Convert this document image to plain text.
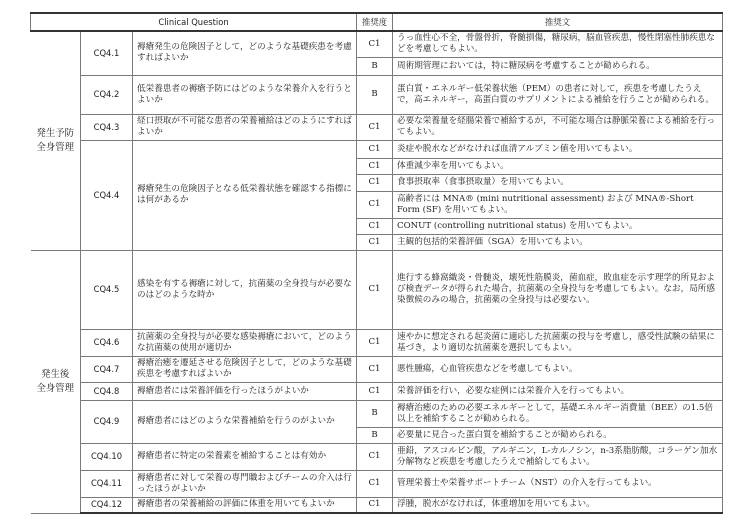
Clinical Question			推奨度	推奨文
発生予防
全身管理	CQ4.1	褥瘡発生の危険因子として，どのような基礎疾患を考慮すればよいか	C1	うっ血性心不全，骨盤骨折，脊髄損傷，糖尿病，脳血管疾患，慢性閉塞性肺疾患などを考慮してもよい。
			B	周術期管理においては，特に糖尿病を考慮することが勧められる。
	CQ4.2	低栄養患者の褥瘡予防にはどのような栄養介入を行うとよいか	B	蛋白質・エネルギー低栄養状態（PEM）の患者に対して，疾患を考慮したうえで，高エネルギー，高蛋白質のサプリメントによる補給を行うことが勧められる。
	CQ4.3	経口摂取が不可能な患者の栄養補給はどのようにすればよいか	C1	必要な栄養量を経腸栄養で補給するが，不可能な場合は静脈栄養による補給を行ってもよい。
	CQ4.4	褥瘡発生の危険因子となる低栄養状態を確認する指標には何があるか	C1	炎症や脱水などがなければ血清アルブミン値を用いてもよい。
			C1	体重減少率を用いてもよい。
			C1	食事摂取率（食事摂取量）を用いてもよい。
			C1	高齢者には MNA® (mini nutritional assessment) および MNA®-Short Form (SF) を用いてもよい。
			C1	CONUT (controlling nutritional status) を用いてもよい。
			C1	主観的包括的栄養評価（SGA）を用いてもよい。
発生後
全身管理	CQ4.5	感染を有する褥瘡に対して，抗菌薬の全身投与が必要なのはどのような時か	C1	進行する蜂窩織炎・骨髄炎，壊死性筋膜炎，菌血症，敗血症を示す理学的所見および検査データが得られた場合，抗菌薬の全身投与を考慮してもよい。なお，局所感染徴候のみの場合，抗菌薬の全身投与は必要ない。
	CQ4.6	抗菌薬の全身投与が必要な感染褥瘡において，どのような抗菌薬の使用が適切か	C1	速やかに想定される起炎菌に適応した抗菌薬の投与を考慮し，感受性試験の結果に基づき，より適切な抗菌薬を選択してもよい。
	CQ4.7	褥瘡治癒を遷延させる危険因子として，どのような基礎疾患を考慮すればよいか	C1	悪性腫瘍，心血管疾患などを考慮してもよい。
	CQ4.8	褥瘡患者には栄養評価を行ったほうがよいか	C1	栄養評価を行い，必要な症例には栄養介入を行ってもよい。
	CQ4.9	褥瘡患者にはどのような栄養補給を行うのがよいか	B	褥瘡治癒のための必要エネルギーとして，基礎エネルギー消費量（BEE）の1.5倍以上を補給することが勧められる。
			B	必要量に見合った蛋白質を補給することが勧められる。
	CQ4.10	褥瘡患者に特定の栄養素を補給することは有効か	C1	亜鉛，アスコルビン酸，アルギニン，L-カルノシン，n-3系脂肪酸，コラーゲン加水分解物など疾患を考慮したうえで補給してもよい。
	CQ4.11	褥瘡患者に対して栄養の専門職およびチームの介入は行ったほうがよいか	C1	管理栄養士や栄養サポートチーム（NST）の介入を行ってもよい。
	CQ4.12	褥瘡患者の栄養補給の評価に体重を用いてもよいか	C1	浮腫，脱水がなければ，体重増加を用いてもよい。
